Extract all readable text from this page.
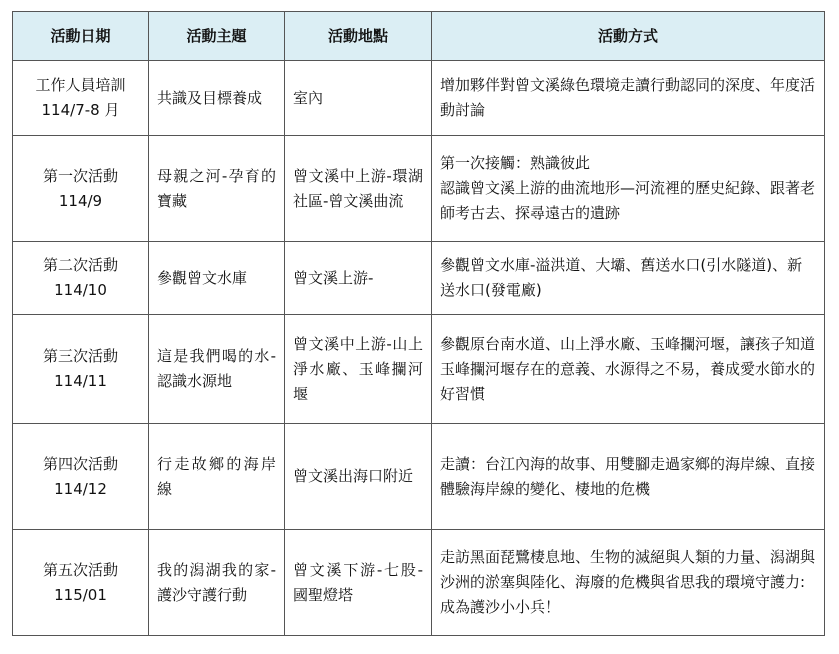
活動日期	活動主題	活動地點	活動方式

工作人員培訓
114/7-8 月	共識及目標養成	室內	增加夥伴對曾文溪綠色環境走讀行動認同的深度、年度活動討論

第一次活動
114/9	母親之河-孕育的寶藏	曾文溪中上游-環湖社區-曾文溪曲流	第一次接觸：熟識彼此
認識曾文溪上游的曲流地形—河流裡的歷史紀錄、跟著老師考古去、探尋遠古的遺跡

第二次活動
114/10	參觀曾文水庫	曾文溪上游-	參觀曾文水庫-溢洪道、大壩、舊送水口(引水隧道)、新送水口(發電廠)

第三次活動
114/11	這是我們喝的水-認識水源地	曾文溪中上游-山上淨水廠、玉峰攔河堰	參觀原台南水道、山上淨水廠、玉峰攔河堰，讓孩子知道玉峰攔河堰存在的意義、水源得之不易，養成愛水節水的好習慣

第四次活動
114/12	行走故鄉的海岸線	曾文溪出海口附近	走讀：台江內海的故事、用雙腳走過家鄉的海岸線、直接體驗海岸線的變化、棲地的危機

第五次活動
115/01	我的潟湖我的家-護沙守護行動	曾文溪下游-七股-國聖燈塔	走訪黑面琵鷺棲息地、生物的滅絕與人類的力量、潟湖與沙洲的淤塞與陸化、海廢的危機與省思我的環境守護力:成為護沙小小兵！
